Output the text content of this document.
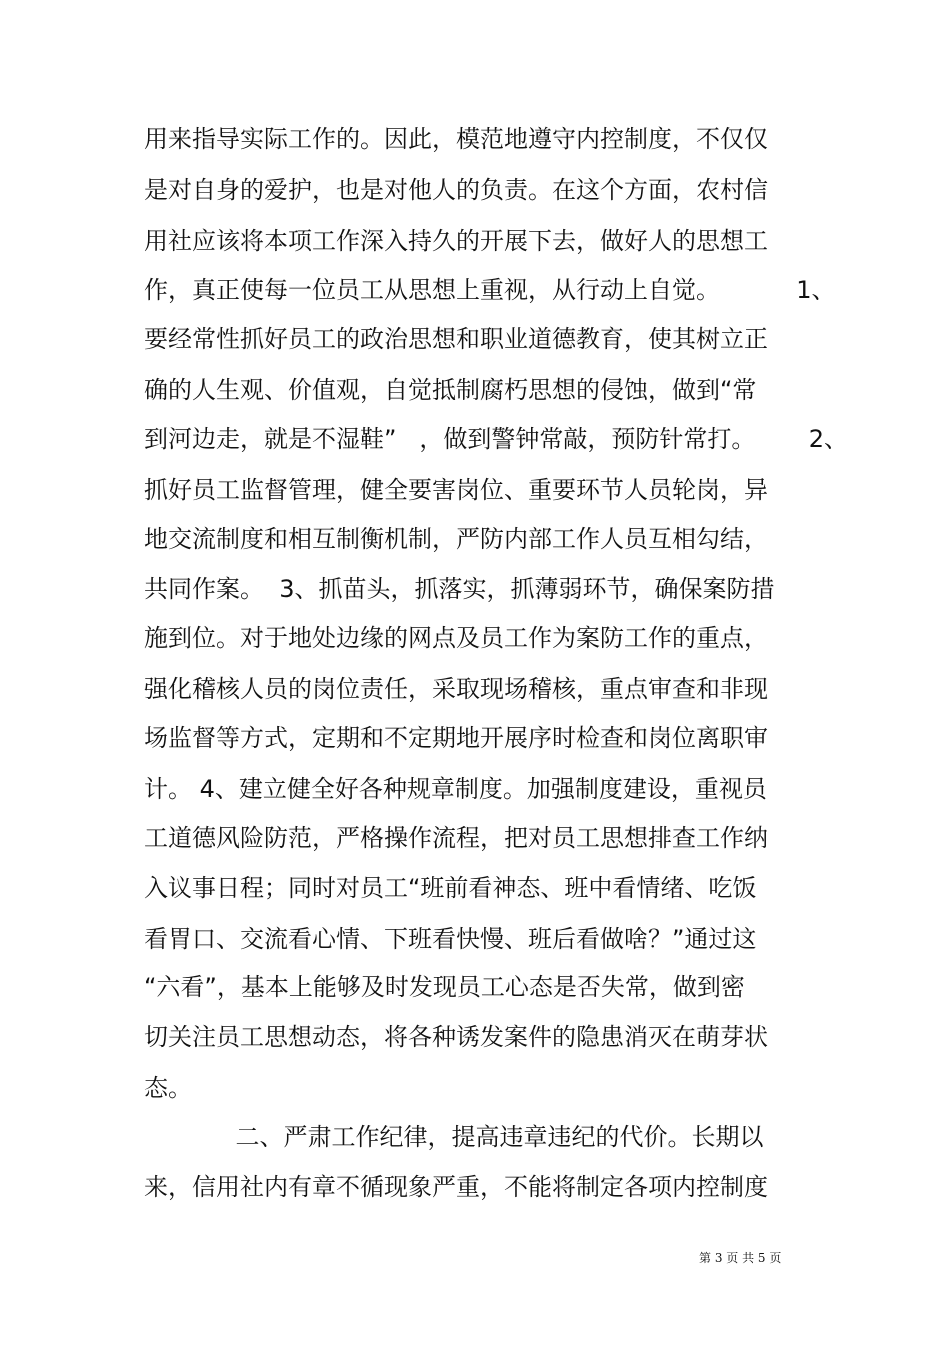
用来指导实际工作的。因此，模范地遵守内控制度，不仅仅
是对自身的爱护，也是对他人的负责。在这个方面，农村信
用社应该将本项工作深入持久的开展下去，做好人的思想工
作，真正使每一位员工从思想上重视，从行动上自觉。          1、
要经常性抓好员工的政治思想和职业道德教育，使其树立正
确的人生观、价值观，自觉抵制腐朽思想的侵蚀，做到“常
到河边走，就是不湿鞋”   ，做到警钟常敲，预防针常打。       2、
抓好员工监督管理，健全要害岗位、重要环节人员轮岗，异
地交流制度和相互制衡机制，严防内部工作人员互相勾结，
共同作案。  3、抓苗头，抓落实，抓薄弱环节，确保案防措
施到位。对于地处边缘的网点及员工作为案防工作的重点，
强化稽核人员的岗位责任，采取现场稽核，重点审查和非现
场监督等方式，定期和不定期地开展序时检查和岗位离职审
计。 4、建立健全好各种规章制度。加强制度建设，重视员
工道德风险防范，严格操作流程，把对员工思想排查工作纳
入议事日程；同时对员工“班前看神态、班中看情绪、吃饭
看胃口、交流看心情、下班看快慢、班后看做啥？”通过这
“六看”，基本上能够及时发现员工心态是否失常，做到密
切关注员工思想动态，将各种诱发案件的隐患消灭在萌芽状
态。
二、严肃工作纪律，提高违章违纪的代价。长期以
来，信用社内有章不循现象严重，不能将制定各项内控制度
第 3 页 共 5 页
